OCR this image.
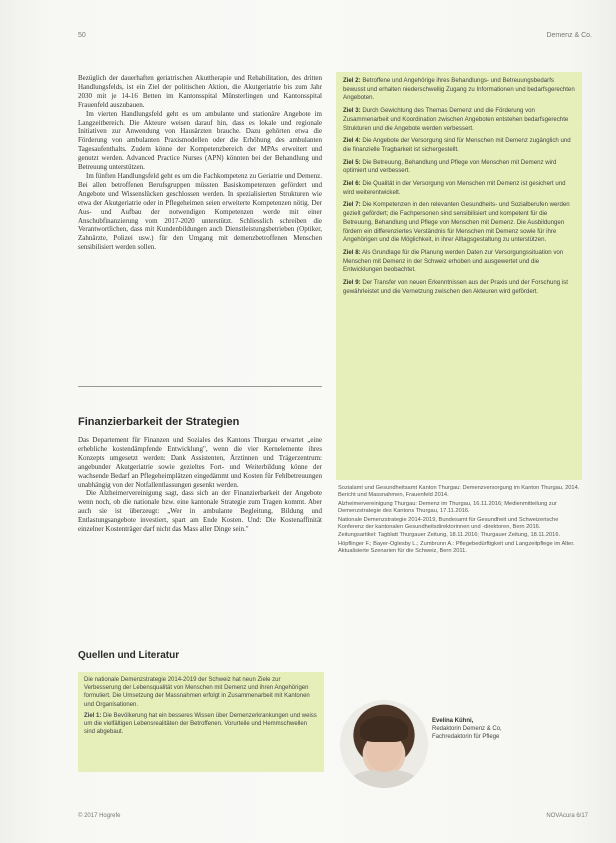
50	Demenz & Co.

Bezüglich der dauerhaften geriatrischen Akuttherapie und Rehabilitation, des dritten Handlungsfelds, ist ein Ziel der politischen Aktion, die Akutgeriatrie bis zum Jahr 2030 mit je 14-16 Betten im Kantonsspital Münsterlingen und Kantonsspital Frauenfeld auszubauen.

Im vierten Handlungsfeld geht es um ambulante und stationäre Angebote im Langzeitbereich. Die Akteure weisen darauf hin, dass es lokale und regionale Initiativen zur Anwendung von Hausärzten brauche. Dazu gehörten etwa die Förderung von ambulanten Praxismodellen oder die Erhöhung des ambulanten Tagesaufenthalts. Zudem könne der Kompetenzbereich der MPAs erweitert und genutzt werden. Advanced Practice Nurses (APN) könnten bei der Behandlung und Betreuung unterstützen.

Im fünften Handlungsfeld geht es um die Fachkompetenz zu Geriatrie und Demenz. Bei allen betroffenen Berufsgruppen müssten Basiskompetenzen gefördert und Angebote und Wissenslücken geschlossen werden. In spezialisierten Strukturen wie etwa der Akutgeriatrie oder in Pflegeheimen seien erweiterte Kompetenzen nötig. Der Aus- und Aufbau der notwendigen Kompetenzen werde mit einer Anschubfinanzierung vom 2017-2020 unterstützt. Schliesslich schreiben die Verantwortlichen, dass mit Kundenbildungen auch Dienstleistungsbetrieben (Optiker, Zahnärzte, Polizei usw.) für den Umgang mit demenzbetroffenen Menschen sensibilisiert werden sollen.

Finanzierbarkeit der Strategien

Das Departement für Finanzen und Soziales des Kantons Thurgau erwartet „eine erhebliche kostendämpfende Entwicklung", wenn die vier Kernelemente ihres Konzepts umgesetzt werden: Dank Assistenten, Ärztinnen und Trägerzentrum: angebunder Akutgeriatrie sowie gezieltes Fort- und Weiterbildung könne der wachsende Bedarf an Pflegeheimplätzen eingedämmt und Kosten für Fehlbetreuungen unabhängig von der Notfallentlassungen gesenkt werden.

Die Alzheimervereinigung sagt, dass sich an der Finanzierbarkeit der Angebote wenn noch, ob die nationale bzw. eine kantonale Strategie zum Tragen kommt. Aber auch sie ist überzeugt: „Wer in ambulante Begleitung, Bildung und Entlastungsangebote investiert, spart am Ende Kosten. Und: Die Kostenaffinität einzelner Kostenträger darf nicht das Mass aller Dinge sein."

Quellen und Literatur
Die nationale Demenzstrategie 2014-2019 der Schweiz hat neun Ziele zur Verbesserung der Lebensqualität von Menschen mit Demenz und ihren Angehörigen formuliert. Die Umsetzung der Massnahmen erfolgt in Zusammenarbeit mit Kantonen und Organisationen.
Ziel 1: Die Bevölkerung hat ein besseres Wissen über Demenzerkrankungen und weiss um die vielfältigen Lebensrealitäten der Betroffenen. Vorurteile und Hemmschwellen sind abgebaut.
Ziel 2: Betroffene und Angehörige ihres Behandlungs- und Betreuungsbedarfs bewusst und erhalten niederschwellig Zugang zu Informationen und bedarfsgerechten Angeboten.
Ziel 3: Durch Gewichtung des Themas Demenz und die Förderung von Zusammenarbeit und Koordination zwischen Angeboten entstehen bedarfsgerechte Strukturen und die Angebote werden verbessert.
Ziel 4: Die Angebote der Versorgung sind für Menschen mit Demenz zugänglich und die finanzielle Tragbarkeit ist sichergestellt.
Ziel 5: Die Betreuung, Behandlung und Pflege von Menschen mit Demenz wird optimiert und verbessert.
Ziel 6: Die Qualität in der Versorgung von Menschen mit Demenz ist gesichert und wird weiterentwickelt.
Ziel 7: Die Kompetenzen in den relevanten Gesundheits- und Sozialberufen werden gezielt gefördert; die Fachpersonen sind sensibilisiert und kompetent für die Betreuung, Behandlung und Pflege von Menschen mit Demenz. Die Ausbildungen fördern ein differenziertes Verständnis für Menschen mit Demenz sowie für ihre Angehörigen und die Möglichkeit, in ihrer Alltagsgestaltung zu unterstützen.
Ziel 8: Als Grundlage für die Planung werden Daten zur Versorgungssituation von Menschen mit Demenz in der Schweiz erhoben und ausgewertet und die Entwicklungen beobachtet.
Ziel 9: Der Transfer von neuen Erkenntnissen aus der Praxis und der Forschung ist gewährleistet und die Vernetzung zwischen den Akteuren wird gefördert.
Sozialamt und Gesundheitsamt Kanton Thurgau: Demenzversorgung im Kanton Thurgau, 2014. Bericht und Massnahmen, Frauenfeld 2014.
Alzheimervereinigung Thurgau: Demenz im Thurgau, 16.11.2016; Medienmitteilung zur Demenzstrategie des Kantons Thurgau, 17.11.2016.
Nationale Demenzstrategie 2014-2019, Bundesamt für Gesundheit und Schweizerische Konferenz der kantonalen Gesundheitsdirektorinnen und -direktoren, Bern 2016.
Zeitungsartikel: Tagblatt Thurgauer Zeitung, 18.11.2016; Thurgauer Zeitung, 18.11.2016.
Höpflinger F.; Bayer-Oglesby L.; Zumbrunn A.: Pflegebedürftigkeit und Langzeitpflege im Alter. Aktualisierte Szenarien für die Schweiz, Bern 2011.
Evelina Kühni,
Redaktorin Demenz & Co,
Fachredaktorin für Pflege
© 2017 Hogrefe	NOVAcura 6/17
